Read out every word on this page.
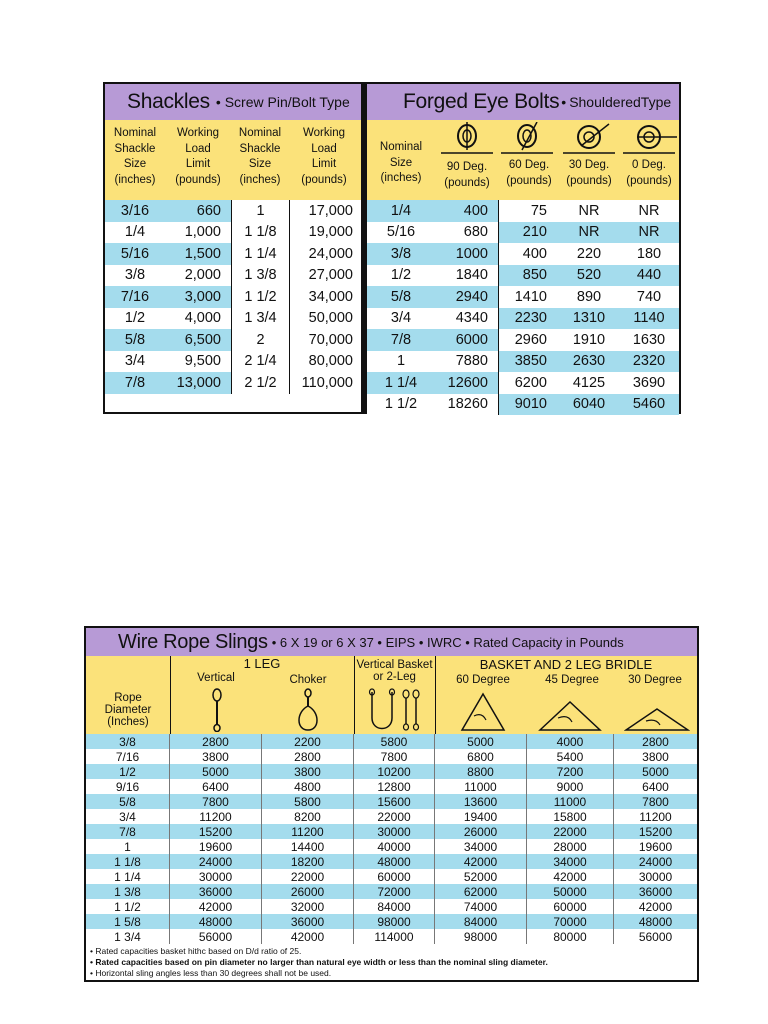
Shackles • Screw Pin/Bolt Type
Nominal
Shackle
Size
(inches)
Working
Load
Limit
(pounds)
Nominal
Shackle
Size
(inches)
Working
Load
Limit
(pounds)
3/16	660	1	17,000
1/4	1,000	1 1/8	19,000
5/16	1,500	1 1/4	24,000
3/8	2,000	1 3/8	27,000
7/16	3,000	1 1/2	34,000
1/2	4,000	1 3/4	50,000
5/8	6,500	2	70,000
3/4	9,500	2 1/4	80,000
7/8	13,000	2 1/2	110,000
Forged Eye Bolts • ShoulderedType
Nominal
Size
(inches)
90 Deg.
(pounds)
60 Deg.
(pounds)
30 Deg.
(pounds)
0 Deg.
(pounds)
1/4	400	75	NR	NR
5/16	680	210	NR	NR
3/8	1000	400	220	180
1/2	1840	850	520	440
5/8	2940	1410	890	740
3/4	4340	2230	1310	1140
7/8	6000	2960	1910	1630
1	7880	3850	2630	2320
1 1/4	12600	6200	4125	3690
1 1/2	18260	9010	6040	5460
Wire Rope Slings • 6 X 19 or 6 X 37 • EIPS • IWRC • Rated Capacity in Pounds
Rope
Diameter
(Inches)
1 LEG
Vertical	Choker
Vertical Basket
or 2-Leg
BASKET AND 2 LEG BRIDLE
60 Degree	45 Degree	30 Degree
3/8	2800	2200	5800	5000	4000	2800
7/16	3800	2800	7800	6800	5400	3800
1/2	5000	3800	10200	8800	7200	5000
9/16	6400	4800	12800	11000	9000	6400
5/8	7800	5800	15600	13600	11000	7800
3/4	11200	8200	22000	19400	15800	11200
7/8	15200	11200	30000	26000	22000	15200
1	19600	14400	40000	34000	28000	19600
1 1/8	24000	18200	48000	42000	34000	24000
1 1/4	30000	22000	60000	52000	42000	30000
1 3/8	36000	26000	72000	62000	50000	36000
1 1/2	42000	32000	84000	74000	60000	42000
1 5/8	48000	36000	98000	84000	70000	48000
1 3/4	56000	42000	114000	98000	80000	56000
• Rated capacities basket hithc based on D/d ratio of 25.
• Rated capacities based on pin diameter no larger than natural eye width or less than the nominal sling diameter.
• Horizontal sling angles less than 30 degrees shall not be used.
